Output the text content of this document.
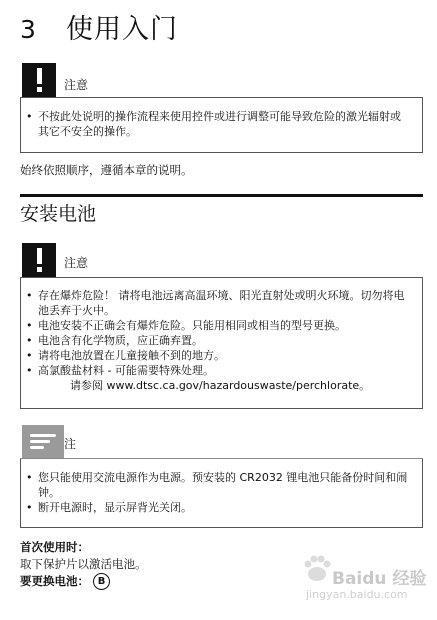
3 使用入门
注意
• 不按此处说明的操作流程来使用控件或进行调整可能导致危险的激光辐射或其它不安全的操作。
始终依照顺序，遵循本章的说明。
安装电池
注意
• 存在爆炸危险！ 请将电池远离高温环境、阳光直射处或明火环境。切勿将电池丢弃于火中。
• 电池安装不正确会有爆炸危险。只能用相同或相当的型号更换。
• 电池含有化学物质，应正确弃置。
• 请将电池放置在儿童接触不到的地方。
• 高氯酸盐材料 - 可能需要特殊处理。
请参阅 www.dtsc.ca.gov/hazardouswaste/perchlorate。
注
• 您只能使用交流电源作为电源。预安装的 CR2032 锂电池只能备份时间和闹钟。
• 断开电源时，显示屏背光关闭。
首次使用时：
取下保护片以激活电池。
要更换电池： B	Baidu 经验
jingyan.baidu.com
